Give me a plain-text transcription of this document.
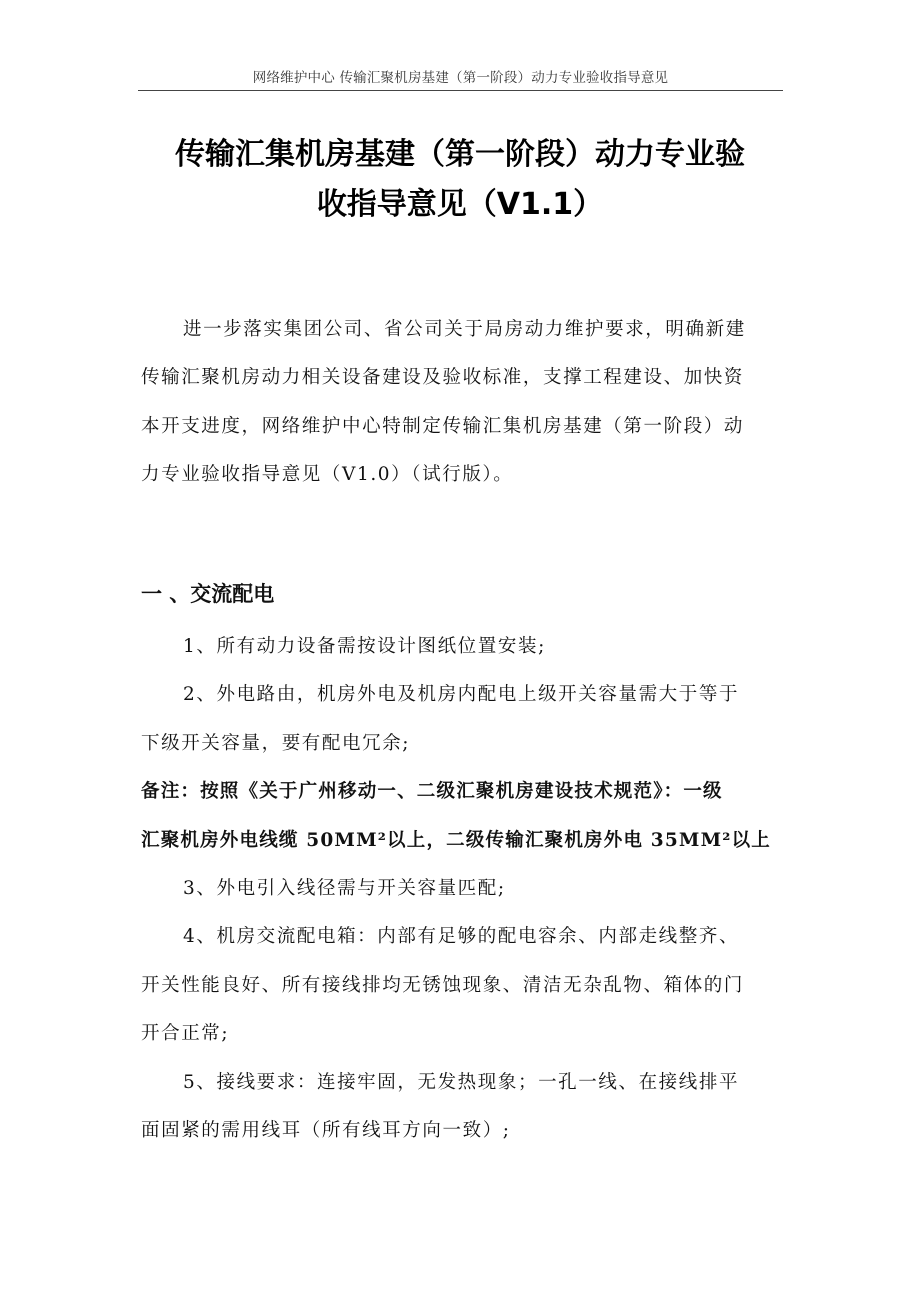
网络维护中心 传输汇聚机房基建（第一阶段）动力专业验收指导意见
传输汇集机房基建（第一阶段）动力专业验
收指导意见（V1.1）
进一步落实集团公司、省公司关于局房动力维护要求，明确新建
传输汇聚机房动力相关设备建设及验收标准，支撑工程建设、加快资
本开支进度，网络维护中心特制定传输汇集机房基建（第一阶段）动
力专业验收指导意见（V1.0）（试行版）。
一 、交流配电
1、所有动力设备需按设计图纸位置安装;
2、外电路由，机房外电及机房内配电上级开关容量需大于等于
下级开关容量，要有配电冗余;
备注：按照《关于广州移动一、二级汇聚机房建设技术规范》：一级
汇聚机房外电线缆 50MM²以上，二级传输汇聚机房外电 35MM²以上
3、外电引入线径需与开关容量匹配;
4、机房交流配电箱：内部有足够的配电容余、内部走线整齐、
开关性能良好、所有接线排均无锈蚀现象、清洁无杂乱物、箱体的门
开合正常;
5、接线要求：连接牢固，无发热现象；一孔一线、在接线排平
面固紧的需用线耳（所有线耳方向一致）;
